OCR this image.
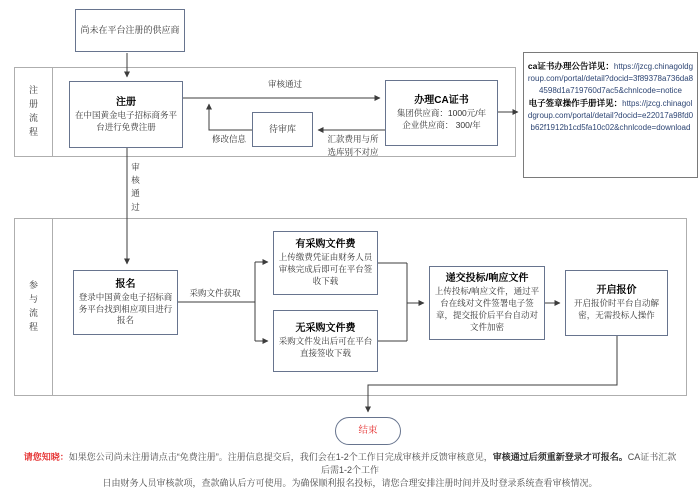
注册流程
参与流程
尚未在平台注册的供应商
注册
在中国黄金电子招标商务平台进行免费注册	待审库
办理CA证书
集团供应商：1000元/年
企业供应商： 300/年
ca证书办理公告详见：https://jzcg.chinagoldgroup.com/portal/detail?docid=3f89378a736da84598d1a719760d7ac5&chnlcode=notice
电子签章操作手册详见：https://jzcg.chinagoldgroup.com/portal/detail?docid=e22017a98fd0b62f1912b1cd5fa10c02&chnlcode=download
审核通过
修改信息	汇款费用与所
选库别不对应
审核通过
报名
登录中国黄金电子招标商务平台找到相应项目进行报名
有采购文件费
上传缴费凭证由财务人员审核完成后即可在平台签收下载
无采购文件费
采购文件发出后可在平台直接签收下载
递交投标/响应文件
上传投标/响应文件，通过平台在线对文件签署电子签章，提交报价后平台自动对文件加密
开启报价
开启报价时平台自动解密，无需投标人操作
采购文件获取
结束
请您知晓：如果您公司尚未注册请点击“免费注册”。注册信息提交后，我们会在1-2个工作日完成审核并反馈审核意见，审核通过后须重新登录才可报名。CA证书汇款后需1-2个工作
日由财务人员审核款项，查款确认后方可使用。为确保顺利报名投标，请您合理安排注册时间并及时登录系统查看审核情况。
